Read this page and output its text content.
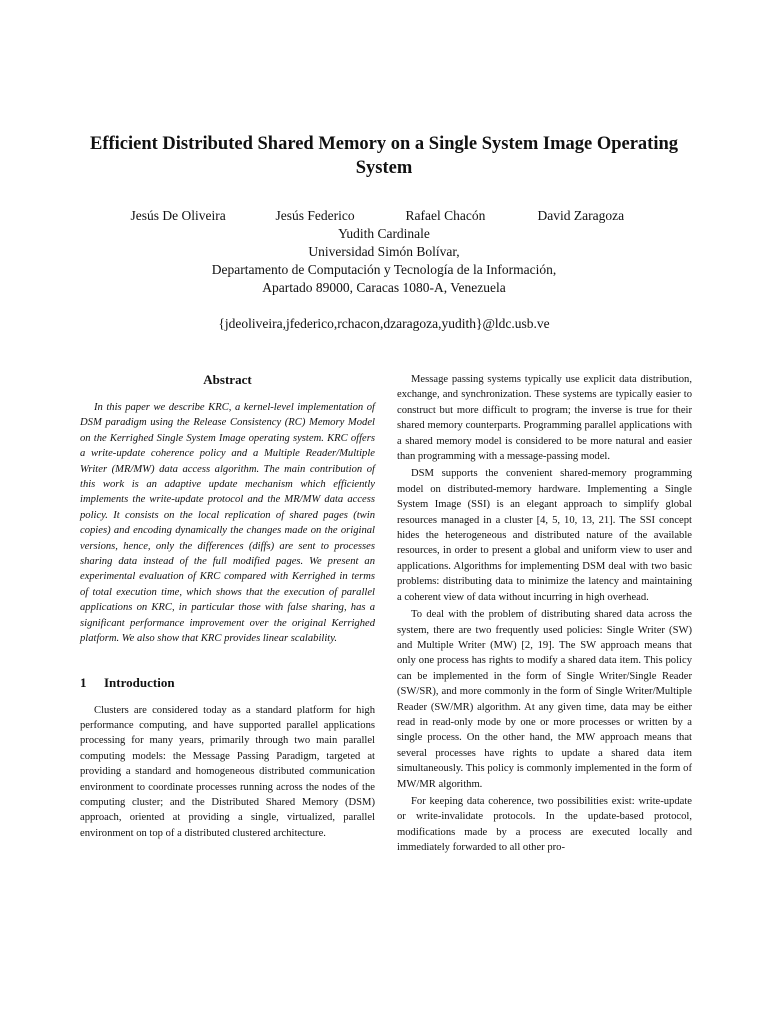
Efficient Distributed Shared Memory on a Single System Image Operating
System
Jesús De Oliveira	Jesús Federico	Rafael Chacón	David Zaragoza
Yudith Cardinale
Universidad Simón Bolívar,
Departamento de Computación y Tecnología de la Información,
Apartado 89000, Caracas 1080-A, Venezuela
{jdeoliveira,jfederico,rchacon,dzaragoza,yudith}@ldc.usb.ve
Abstract

In this paper we describe KRC, a kernel-level implementation of DSM paradigm using the Release Consistency (RC) Memory Model on the Kerrighed Single System Image operating system. KRC offers a write-update coherence policy and a Multiple Reader/Multiple Writer (MR/MW) data access algorithm. The main contribution of this work is an adaptive update mechanism which efficiently implements the write-update protocol and the MR/MW data access policy. It consists on the local replication of shared pages (twin copies) and encoding dynamically the changes made on the original versions, hence, only the differences (diffs) are sent to processes sharing data instead of the full modified pages. We present an experimental evaluation of KRC compared with Kerrighed in terms of total execution time, which shows that the execution of parallel applications on KRC, in particular those with false sharing, has a significant performance improvement over the original Kerrighed platform. We also show that KRC provides linear scalability.

1 Introduction

Clusters are considered today as a standard platform for high performance computing, and have supported parallel applications processing for many years, primarily through two main parallel computing models: the Message Passing Paradigm, targeted at providing a standard and homogeneous distributed communication environment to coordinate processes running across the nodes of the computing cluster; and the Distributed Shared Memory (DSM) approach, oriented at providing a single, virtualized, parallel environment on top of a distributed clustered architecture.

Message passing systems typically use explicit data distribution, exchange, and synchronization. These systems are typically easier to construct but more difficult to program; the inverse is true for their shared memory counterparts. Programming parallel applications with a shared memory model is considered to be more natural and easier than programming with a message-passing model.

DSM supports the convenient shared-memory programming model on distributed-memory hardware. Implementing a Single System Image (SSI) is an elegant approach to simplify global resources managed in a cluster [4, 5, 10, 13, 21]. The SSI concept hides the heterogeneous and distributed nature of the available resources, in order to present a global and uniform view to user and applications. Algorithms for implementing DSM deal with two basic problems: distributing data to minimize the latency and maintaining a coherent view of data without incurring in high overhead.

To deal with the problem of distributing shared data across the system, there are two frequently used policies: Single Writer (SW) and Multiple Writer (MW) [2, 19]. The SW approach means that only one process has rights to modify a shared data item. This policy can be implemented in the form of Single Writer/Single Reader (SW/SR), and more commonly in the form of Single Writer/Multiple Reader (SW/MR) algorithm. At any given time, data may be either read in read-only mode by one or more processes or written by a single process. On the other hand, the MW approach means that several processes have rights to update a shared data item simultaneously. This policy is commonly implemented in the form of MW/MR algorithm.

For keeping data coherence, two possibilities exist: write-update or write-invalidate protocols. In the update-based protocol, modifications made by a process are executed locally and immediately forwarded to all other pro-
